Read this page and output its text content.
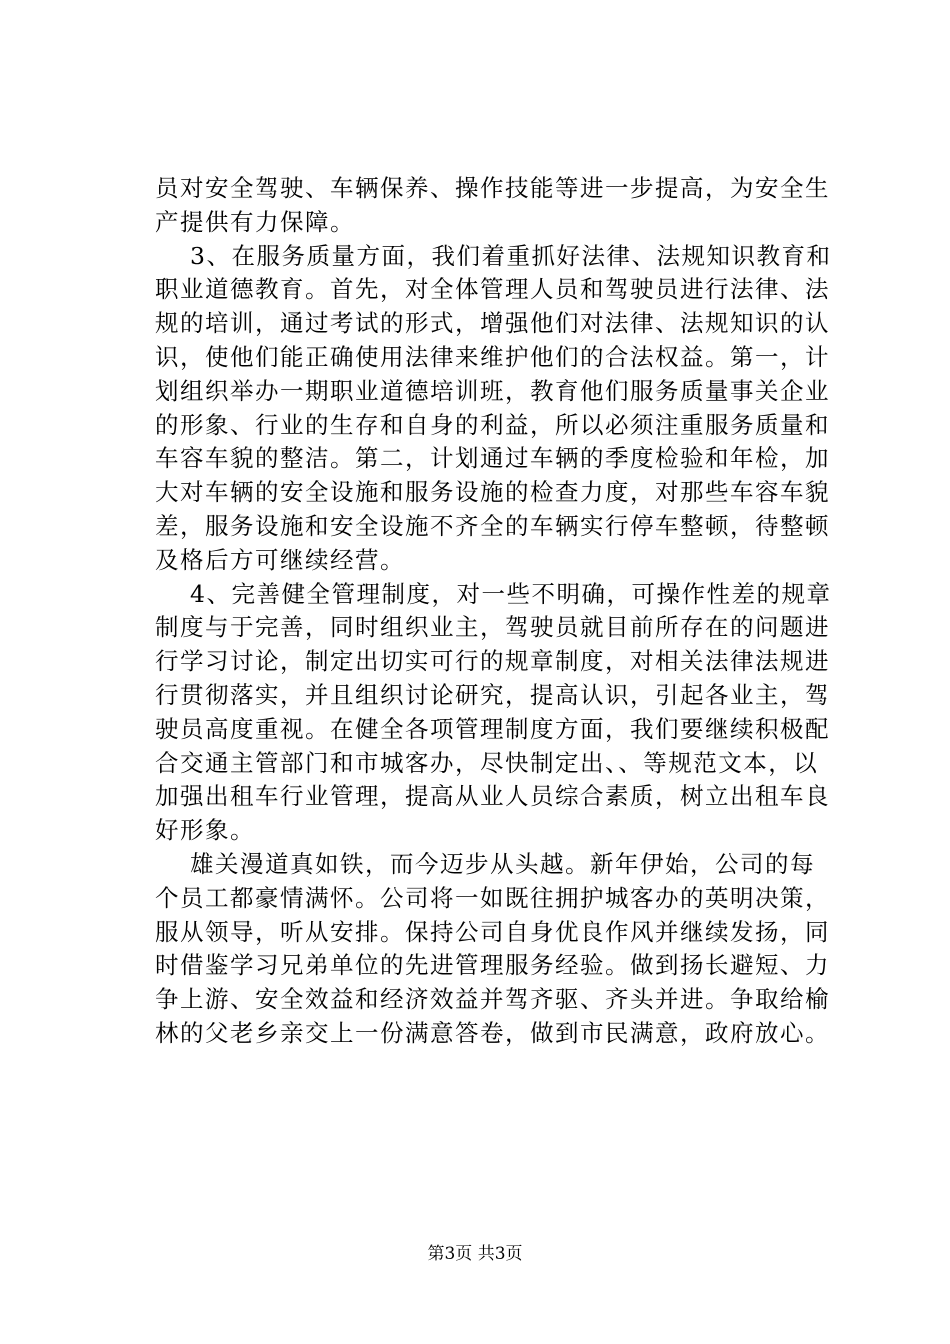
员对安全驾驶、车辆保养、操作技能等进一步提高，为安全生
产提供有力保障。
3、在服务质量方面，我们着重抓好法律、法规知识教育和
职业道德教育。首先，对全体管理人员和驾驶员进行法律、法
规的培训，通过考试的形式，增强他们对法律、法规知识的认
识，使他们能正确使用法律来维护他们的合法权益。第一，计
划组织举办一期职业道德培训班，教育他们服务质量事关企业
的形象、行业的生存和自身的利益，所以必须注重服务质量和
车容车貌的整洁。第二，计划通过车辆的季度检验和年检，加
大对车辆的安全设施和服务设施的检查力度，对那些车容车貌
差，服务设施和安全设施不齐全的车辆实行停车整顿，待整顿
及格后方可继续经营。
4、完善健全管理制度，对一些不明确，可操作性差的规章
制度与于完善，同时组织业主，驾驶员就目前所存在的问题进
行学习讨论，制定出切实可行的规章制度，对相关法律法规进
行贯彻落实，并且组织讨论研究，提高认识，引起各业主，驾
驶员高度重视。在健全各项管理制度方面，我们要继续积极配
合交通主管部门和市城客办，尽快制定出、、等规范文本，以
加强出租车行业管理，提高从业人员综合素质，树立出租车良
好形象。
雄关漫道真如铁，而今迈步从头越。新年伊始，公司的每
个员工都豪情满怀。公司将一如既往拥护城客办的英明决策，
服从领导，听从安排。保持公司自身优良作风并继续发扬，同
时借鉴学习兄弟单位的先进管理服务经验。做到扬长避短、力
争上游、安全效益和经济效益并驾齐驱、齐头并进。争取给榆
林的父老乡亲交上一份满意答卷，做到市民满意，政府放心。
第3页 共3页
